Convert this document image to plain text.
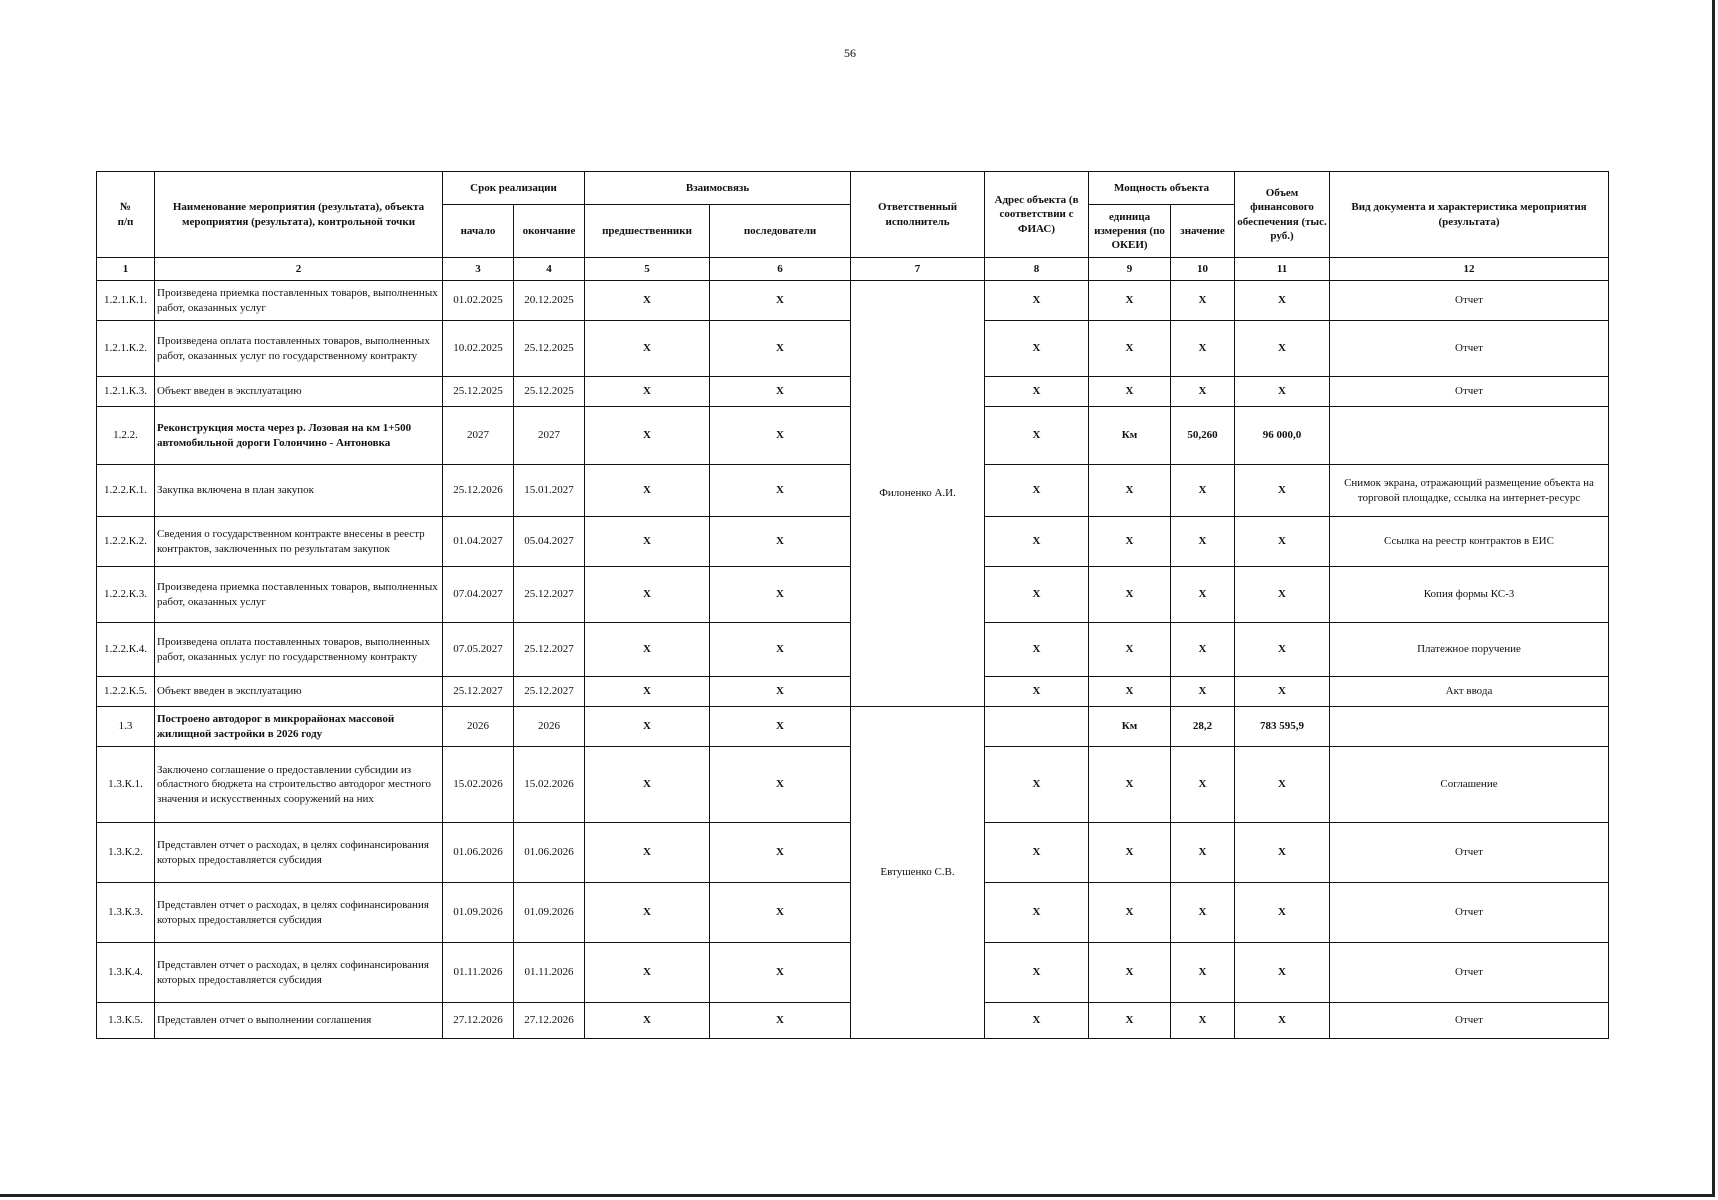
56
№
п/п	Наименование мероприятия (результата), объекта мероприятия (результата), контрольной точки	Срок реализации		Взаимосвязь		Ответственный исполнитель	Адрес объекта (в соответствии с ФИАС)	Мощность объекта		Объем финансового обеспечения (тыс. руб.)	Вид документа и характеристика мероприятия (результата)
		начало	окончание	предшественники	последователи			единица измерения (по ОКЕИ)	значение		
1	2	3	4	5	6	7	8	9	10	11	12
1.2.1.К.1.	Произведена приемка поставленных товаров, выполненных работ, оказанных услуг	01.02.2025	20.12.2025	X	X	Филоненко А.И.	X	X	X	X	Отчет
1.2.1.К.2.	Произведена оплата поставленных товаров, выполненных работ, оказанных услуг по государственному контракту	10.02.2025	25.12.2025	X	X		X	X	X	X	Отчет
1.2.1.К.3.	Объект введен в эксплуатацию	25.12.2025	25.12.2025	X	X		X	X	X	X	Отчет
1.2.2.	Реконструкция моста через р. Лозовая на км 1+500 автомобильной дороги Голончино - Антоновка	2027	2027	X	X		X	Км	50,260	96 000,0	
1.2.2.К.1.	Закупка включена в план закупок	25.12.2026	15.01.2027	X	X		X	X	X	X	Снимок экрана, отражающий размещение объекта на торговой площадке, ссылка на интернет-ресурс
1.2.2.К.2.	Сведения о государственном контракте внесены в реестр контрактов, заключенных по результатам закупок	01.04.2027	05.04.2027	X	X		X	X	X	X	Ссылка на реестр контрактов в ЕИС
1.2.2.К.3.	Произведена приемка поставленных товаров, выполненных работ, оказанных услуг	07.04.2027	25.12.2027	X	X		X	X	X	X	Копия формы КС-3
1.2.2.К.4.	Произведена оплата поставленных товаров, выполненных работ, оказанных услуг по государственному контракту	07.05.2027	25.12.2027	X	X		X	X	X	X	Платежное поручение
1.2.2.К.5.	Объект введен в эксплуатацию	25.12.2027	25.12.2027	X	X		X	X	X	X	Акт ввода
1.3	Построено автодорог в микрорайонах массовой жилищной застройки в 2026 году	2026	2026	X	X	Евтушенко С.В.		Км	28,2	783 595,9	
1.3.К.1.	Заключено соглашение о предоставлении субсидии из областного бюджета на строительство автодорог местного значения и искусственных сооружений на них	15.02.2026	15.02.2026	X	X		X	X	X	X	Соглашение
1.3.К.2.	Представлен отчет о расходах, в целях софинансирования которых предоставляется субсидия	01.06.2026	01.06.2026	X	X		X	X	X	X	Отчет
1.3.К.3.	Представлен отчет о расходах, в целях софинансирования которых предоставляется субсидия	01.09.2026	01.09.2026	X	X		X	X	X	X	Отчет
1.3.К.4.	Представлен отчет о расходах, в целях софинансирования которых предоставляется субсидия	01.11.2026	01.11.2026	X	X		X	X	X	X	Отчет
1.3.К.5.	Представлен отчет о выполнении соглашения	27.12.2026	27.12.2026	X	X		X	X	X	X	Отчет
